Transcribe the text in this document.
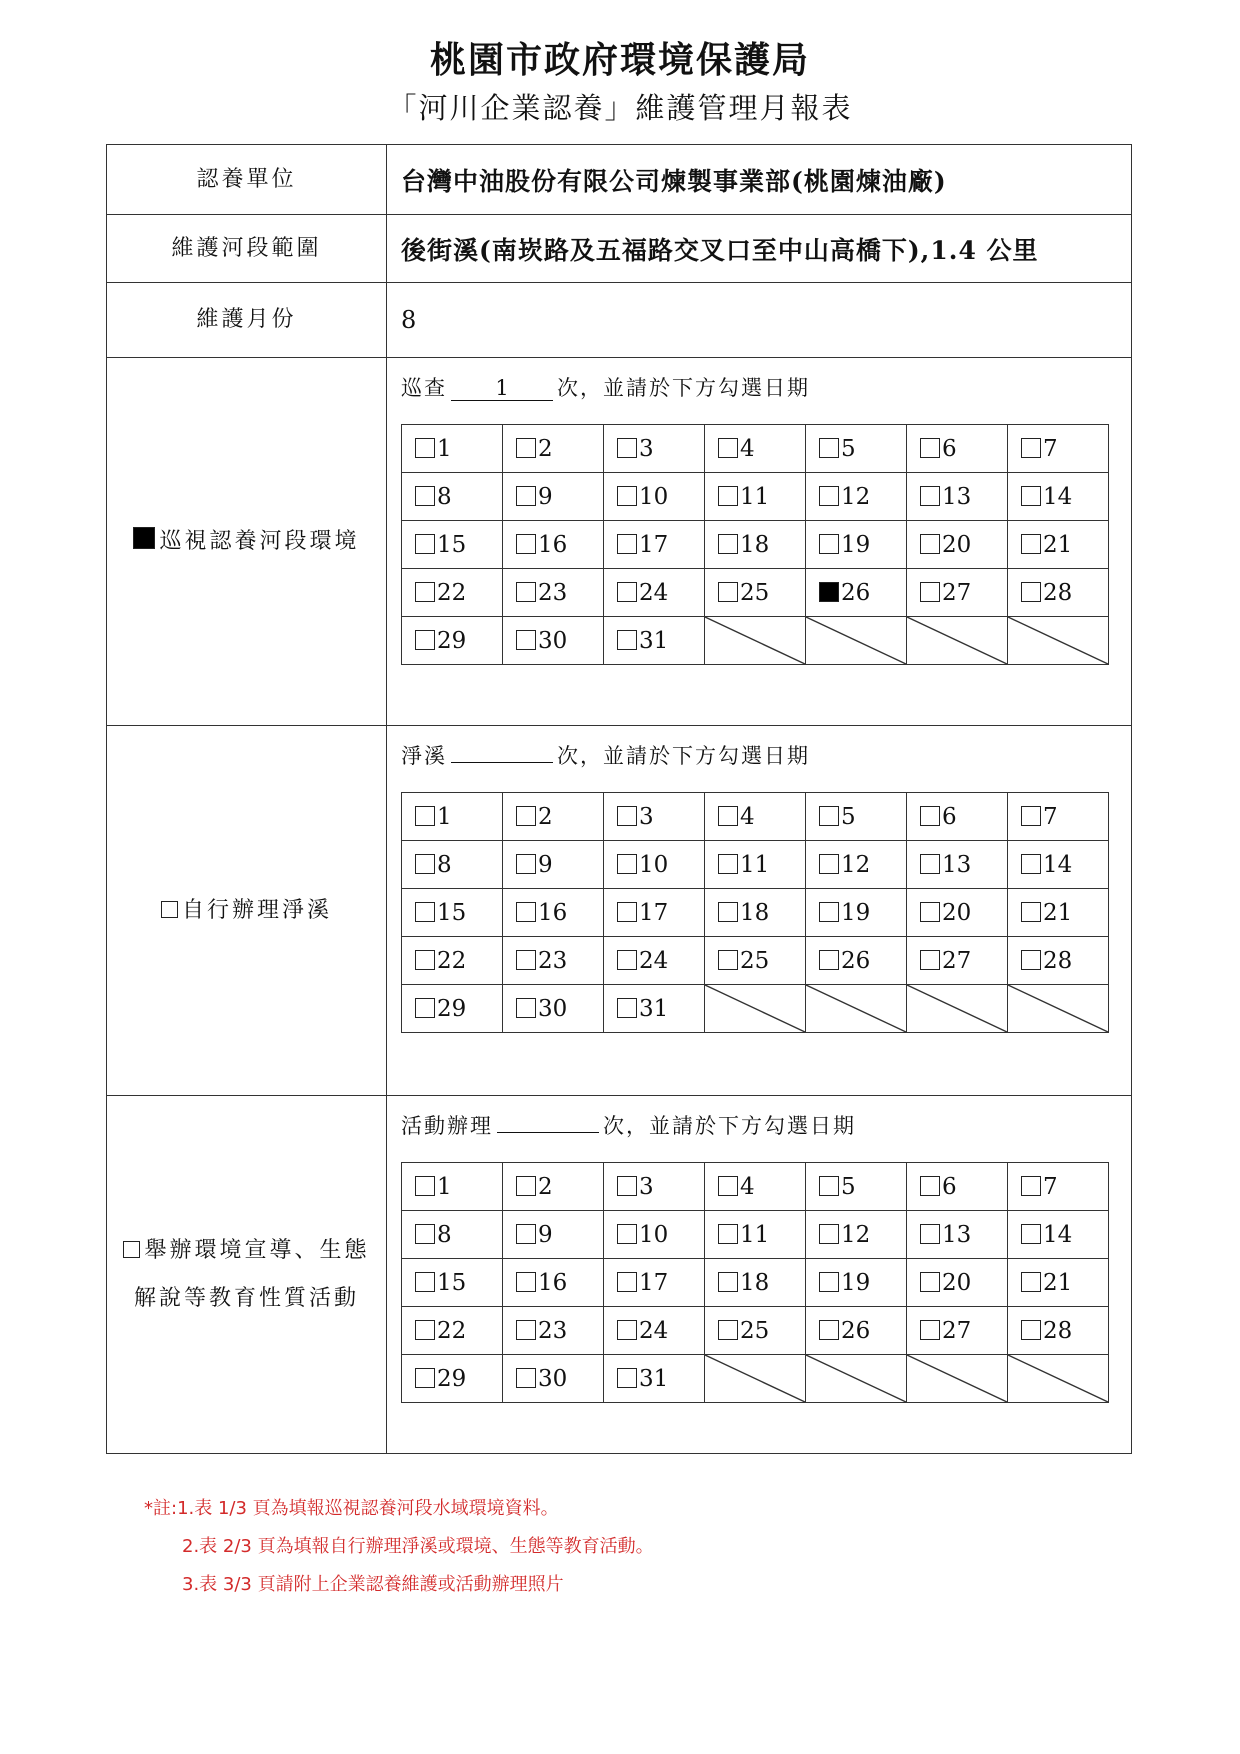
桃園市政府環境保護局
「河川企業認養」維護管理月報表
認養單位	台灣中油股份有限公司煉製事業部(桃園煉油廠)
維護河段範圍	後街溪(南崁路及五福路交叉口至中山高橋下),1.4 公里
維護月份	8
巡視認養河段環境
巡查 1 次，並請於下方勾選日期
1	2	3	4	5	6	7
8	9	10	11	12	13	14
15	16	17	18	19	20	21
22	23	24	25	26	27	28
29	30	31	

自行辦理淨溪
淨溪	次，並請於下方勾選日期
1	2	3	4	5	6	7
8	9	10	11	12	13	14
15	16	17	18	19	20	21
22	23	24	25	26	27	28
29	30	31	

舉辦環境宣導、生態
解說等教育性質活動
活動辦理	次，並請於下方勾選日期
1	2	3	4	5	6	7
8	9	10	11	12	13	14
15	16	17	18	19	20	21
22	23	24	25	26	27	28
29	30	31	

*註:1.表 1/3 頁為填報巡視認養河段水域環境資料。
2.表 2/3 頁為填報自行辦理淨溪或環境、生態等教育活動。
3.表 3/3 頁請附上企業認養維護或活動辦理照片
